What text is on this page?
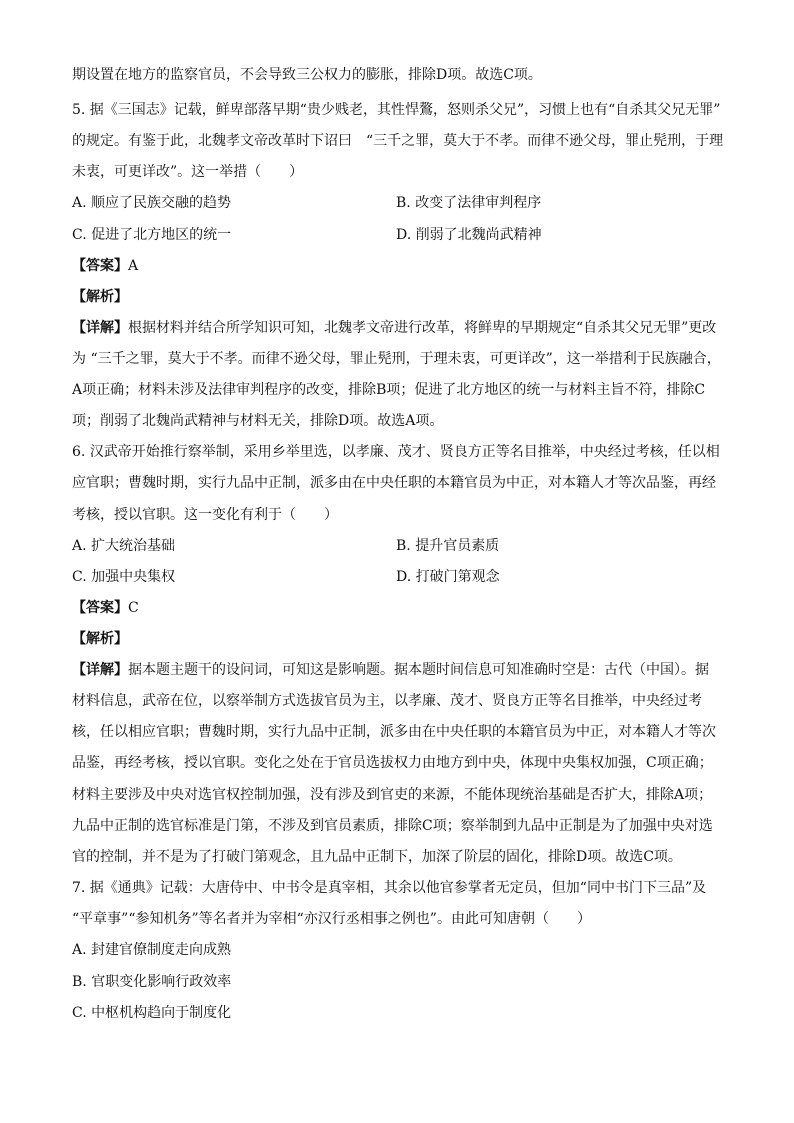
期设置在地方的监察官员，不会导致三公权力的膨胀，排除D项。故选C项。
5. 据《三国志》记载，鲜卑部落早期“贵少贱老，其性悍鷔，怒则杀父兄”，习惯上也有“自杀其父兄无罪”
的规定。有鉴于此，北魏孝文帝改革时下诏曰　“三千之罪，莫大于不孝。而律不逊父母，罪止髡刑，于理
未衷，可更详改”。这一举措（　　）
A. 顺应了民族交融的趋势	B. 改变了法律审判程序
C. 促进了北方地区的统一	D. 削弱了北魏尚武精神
【答案】A
【解析】
【详解】根据材料并结合所学知识可知，北魏孝文帝进行改革，将鲜卑的早期规定“自杀其父兄无罪”更改
为 “三千之罪，莫大于不孝。而律不逊父母，罪止髡刑，于理未衷，可更详改”，这一举措利于民族融合，
A项正确；材料未涉及法律审判程序的改变，排除B项；促进了北方地区的统一与材料主旨不符，排除C
项；削弱了北魏尚武精神与材料无关，排除D项。故选A项。
6. 汉武帝开始推行察举制，采用乡举里选，以孝廉、茂才、贤良方正等名目推举，中央经过考核，任以相
应官职；曹魏时期，实行九品中正制，派多由在中央任职的本籍官员为中正，对本籍人才等次品鉴，再经
考核，授以官职。这一变化有利于（　　）
A. 扩大统治基础	B. 提升官员素质
C. 加强中央集权	D. 打破门第观念
【答案】C
【解析】
【详解】据本题主题干的设问词，可知这是影响题。据本题时间信息可知准确时空是：古代（中国）。据
材料信息，武帝在位，以察举制方式选拔官员为主，以孝廉、茂才、贤良方正等名目推举，中央经过考
核，任以相应官职；曹魏时期，实行九品中正制，派多由在中央任职的本籍官员为中正，对本籍人才等次
品鉴，再经考核，授以官职。变化之处在于官员选拔权力由地方到中央，体现中央集权加强，C项正确；
材料主要涉及中央对选官权控制加强，没有涉及到官吏的来源，不能体现统治基础是否扩大，排除A项；
九品中正制的选官标准是门第，不涉及到官员素质，排除C项；察举制到九品中正制是为了加强中央对选
官的控制，并不是为了打破门第观念，且九品中正制下，加深了阶层的固化，排除D项。故选C项。
7. 据《通典》记载：大唐侍中、中书令是真宰相，其余以他官参掌者无定员，但加“同中书门下三品”及
“平章事”“参知机务”等名者并为宰相“亦汉行丞相事之例也”。由此可知唐朝（　　）
A. 封建官僚制度走向成熟
B. 官职变化影响行政效率
C. 中枢机构趋向于制度化
